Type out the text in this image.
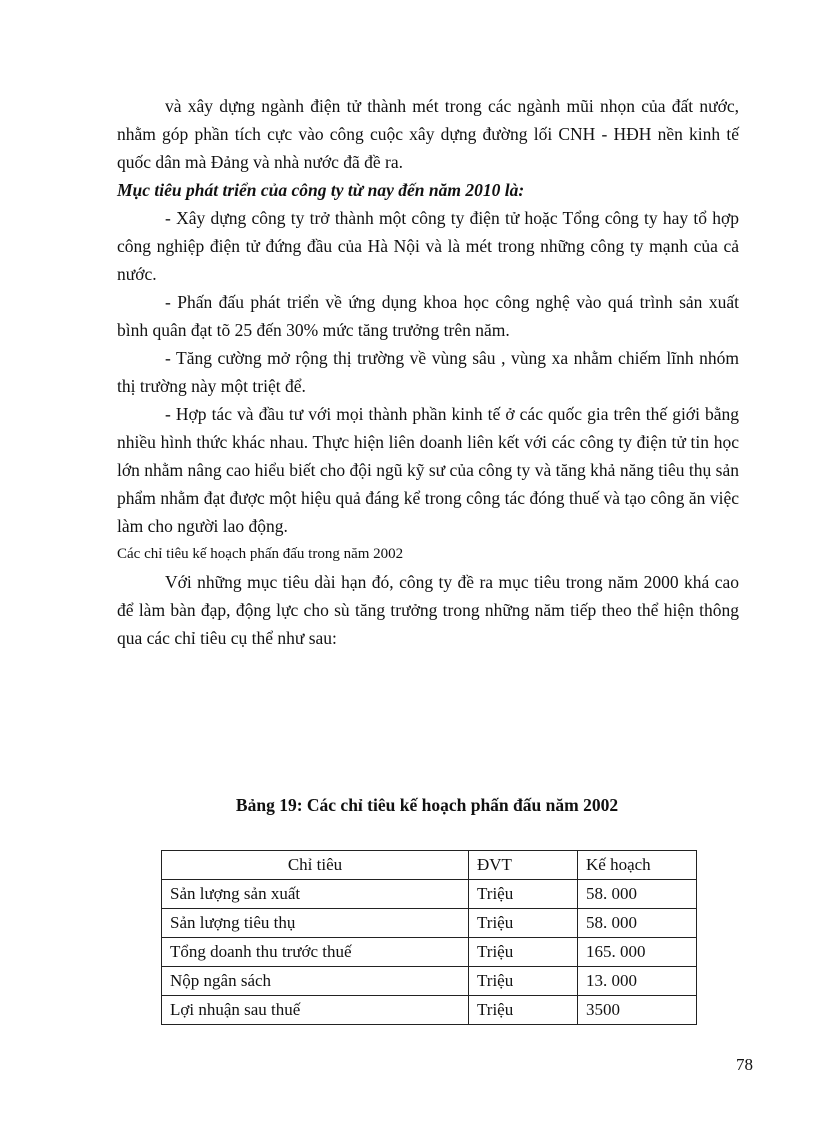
và xây dựng ngành điện tử thành mét trong các ngành mũi nhọn của đất nước, nhằm góp phần tích cực vào công cuộc xây dựng đường lối CNH - HĐH nền kinh tế quốc dân mà Đảng và nhà nước đã đề ra.

Mục tiêu phát triển của công ty từ nay đến năm 2010 là:

- Xây dựng công ty trở thành một công ty điện tử hoặc Tổng công ty hay tổ hợp công nghiệp điện tử đứng đầu của Hà Nội và là mét trong những công ty mạnh của cả nước.

- Phấn đấu phát triển về ứng dụng khoa học công nghệ vào quá trình sản xuất bình quân đạt tõ 25 đến 30% mức tăng trưởng trên năm.

- Tăng cường mở rộng thị trường về vùng sâu , vùng xa nhằm chiếm lĩnh nhóm thị trường này một triệt để.

- Hợp tác và đầu tư với mọi thành phần kinh tế ở các quốc gia trên thế giới bằng nhiều hình thức khác nhau. Thực hiện liên doanh liên kết với các công ty điện tử tin học lớn nhằm nâng cao hiểu biết cho đội ngũ kỹ sư của công ty và tăng khả năng tiêu thụ sản phẩm nhằm đạt được một hiệu quả đáng kể trong công tác đóng thuế và tạo công ăn việc làm cho người lao động.

Các chỉ tiêu kế hoạch phấn đấu trong năm 2002

Với những mục tiêu dài hạn đó, công ty đề ra mục tiêu trong năm 2000 khá cao để làm bàn đạp, động lực cho sù tăng trưởng trong những năm tiếp theo thể hiện thông qua các chỉ tiêu cụ thể như sau:

Bảng 19: Các chỉ tiêu kế hoạch phấn đấu năm 2002

Chỉ tiêu	ĐVT	Kế hoạch
Sản lượng sản xuất	Triệu	58. 000
Sản lượng tiêu thụ	Triệu	58. 000
Tổng doanh thu trước thuế	Triệu	165. 000
Nộp ngân sách	Triệu	13. 000
Lợi nhuận sau thuế	Triệu	3500
78
